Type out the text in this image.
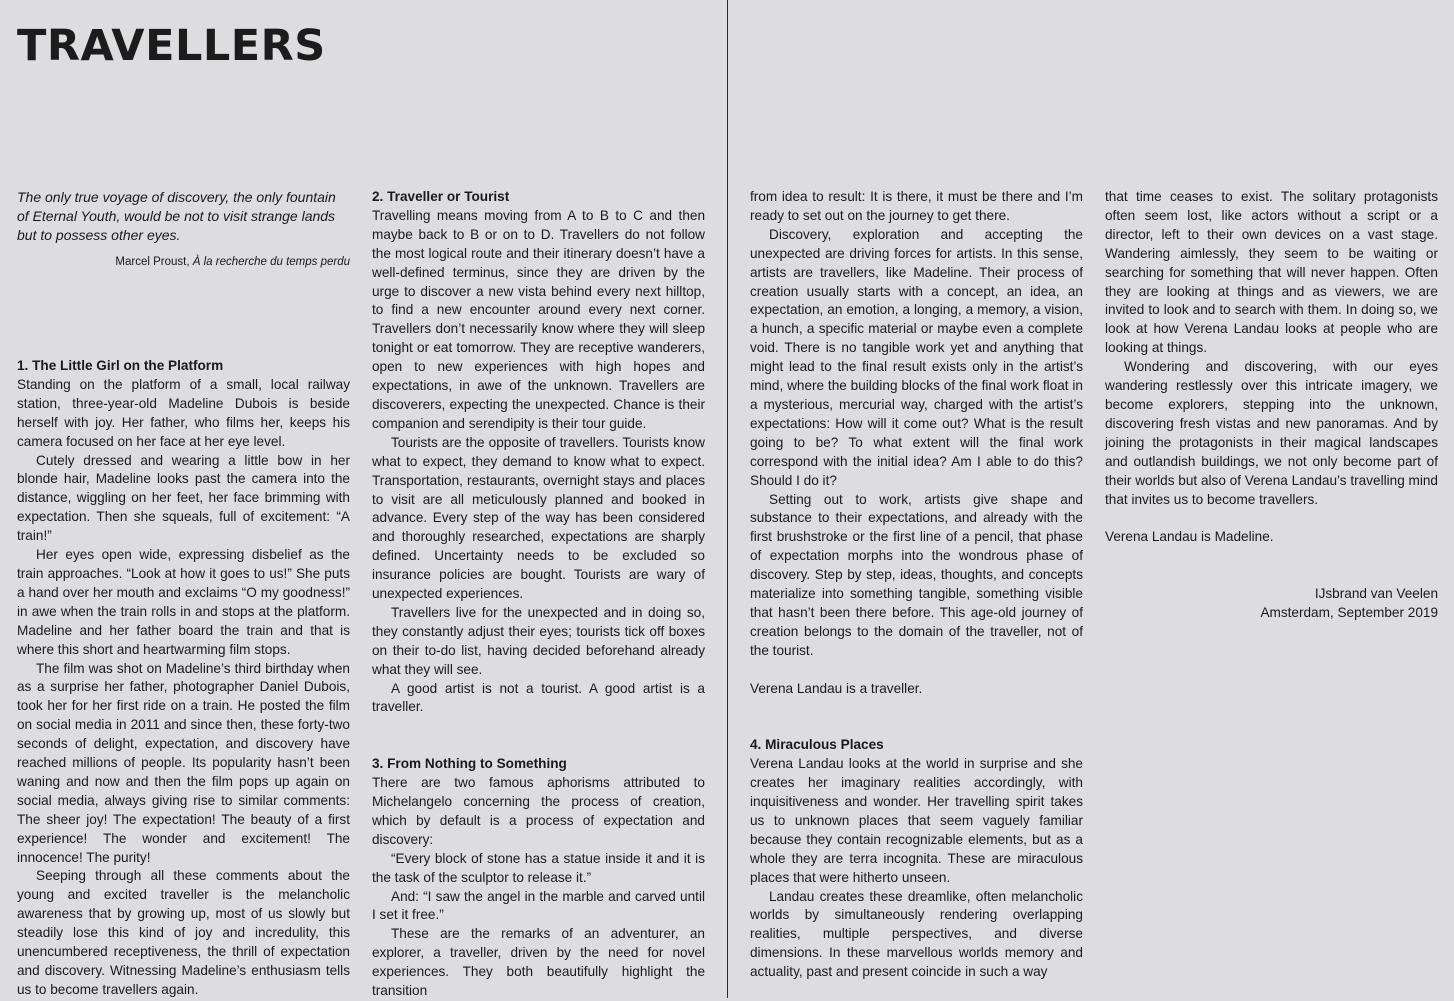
TRAVELLERS

The only true voyage of discovery, the only fountain of Eternal Youth, would be not to visit strange lands but to possess other eyes.

Marcel Proust, À la recherche du temps perdu

1. The Little Girl on the Platform

Standing on the platform of a small, local railway station, three-year-old Madeline Dubois is beside herself with joy. Her father, who films her, keeps his camera focused on her face at her eye level.

Cutely dressed and wearing a little bow in her blonde hair, Madeline looks past the camera into the distance, wiggling on her feet, her face brimming with expectation. Then she squeals, full of excitement: “A train!”

Her eyes open wide, expressing disbelief as the train approaches. “Look at how it goes to us!” She puts a hand over her mouth and exclaims “O my goodness!” in awe when the train rolls in and stops at the platform. Madeline and her father board the train and that is where this short and heartwarming film stops.

The film was shot on Madeline’s third birthday when as a surprise her father, photographer Daniel Dubois, took her for her first ride on a train. He posted the film on social media in 2011 and since then, these forty-two seconds of delight, expectation, and discovery have reached millions of people. Its popularity hasn’t been waning and now and then the film pops up again on social media, always giving rise to similar comments: The sheer joy! The expectation! The beauty of a first experience! The wonder and excitement! The innocence! The purity!

Seeping through all these comments about the young and excited traveller is the melancholic awareness that by growing up, most of us slowly but steadily lose this kind of joy and incredulity, this unencumbered receptiveness, the thrill of expectation and discovery. Witnessing Madeline’s enthusiasm tells us to become travellers again.

2. Traveller or Tourist

Travelling means moving from A to B to C and then maybe back to B or on to D. Travellers do not follow the most logical route and their itinerary doesn’t have a well-defined terminus, since they are driven by the urge to discover a new vista behind every next hilltop, to find a new encounter around every next corner. Travellers don’t necessarily know where they will sleep tonight or eat tomorrow. They are receptive wanderers, open to new experiences with high hopes and expectations, in awe of the unknown. Travellers are discoverers, expecting the unexpected. Chance is their companion and serendipity is their tour guide.

Tourists are the opposite of travellers. Tourists know what to expect, they demand to know what to expect. Transportation, restaurants, overnight stays and places to visit are all meticulously planned and booked in advance. Every step of the way has been considered and thoroughly researched, expectations are sharply defined. Uncertainty needs to be excluded so insurance policies are bought. Tourists are wary of unexpected experiences.

Travellers live for the unexpected and in doing so, they constantly adjust their eyes; tourists tick off boxes on their to-do list, having decided beforehand already what they will see.

A good artist is not a tourist. A good artist is a traveller.

3. From Nothing to Something

There are two famous aphorisms attributed to Michelangelo concerning the process of creation, which by default is a process of expectation and discovery:

“Every block of stone has a statue inside it and it is the task of the sculptor to release it.”

And: “I saw the angel in the marble and carved until I set it free.”

These are the remarks of an adventurer, an explorer, a traveller, driven by the need for novel experiences. They both beautifully highlight the transition

from idea to result: It is there, it must be there and I’m ready to set out on the journey to get there.

Discovery, exploration and accepting the unexpected are driving forces for artists. In this sense, artists are travellers, like Madeline. Their process of creation usually starts with a concept, an idea, an expectation, an emotion, a longing, a memory, a vision, a hunch, a specific material or maybe even a complete void. There is no tangible work yet and anything that might lead to the final result exists only in the artist’s mind, where the building blocks of the final work float in a mysterious, mercurial way, charged with the artist’s expectations: How will it come out? What is the result going to be? To what extent will the final work correspond with the initial idea? Am I able to do this? Should I do it?

Setting out to work, artists give shape and substance to their expectations, and already with the first brushstroke or the first line of a pencil, that phase of expectation morphs into the wondrous phase of discovery. Step by step, ideas, thoughts, and concepts materialize into something tangible, something visible that hasn’t been there before. This age-old journey of creation belongs to the domain of the traveller, not of the tourist.

Verena Landau is a traveller.

4. Miraculous Places

Verena Landau looks at the world in surprise and she creates her imaginary realities accordingly, with inquisitiveness and wonder. Her travelling spirit takes us to unknown places that seem vaguely familiar because they contain recognizable elements, but as a whole they are terra incognita. These are miraculous places that were hitherto unseen.

Landau creates these dreamlike, often melancholic worlds by simultaneously rendering overlapping realities, multiple perspectives, and diverse dimensions. In these marvellous worlds memory and actuality, past and present coincide in such a way

that time ceases to exist. The solitary protagonists often seem lost, like actors without a script or a director, left to their own devices on a vast stage. Wandering aimlessly, they seem to be waiting or searching for something that will never happen. Often they are looking at things and as viewers, we are invited to look and to search with them. In doing so, we look at how Verena Landau looks at people who are looking at things.

Wondering and discovering, with our eyes wandering restlessly over this intricate imagery, we become explorers, stepping into the unknown, discovering fresh vistas and new panoramas. And by joining the protagonists in their magical landscapes and outlandish buildings, we not only become part of their worlds but also of Verena Landau’s travelling mind that invites us to become travellers.

Verena Landau is Madeline.

IJsbrand van Veelen

Amsterdam, September 2019
